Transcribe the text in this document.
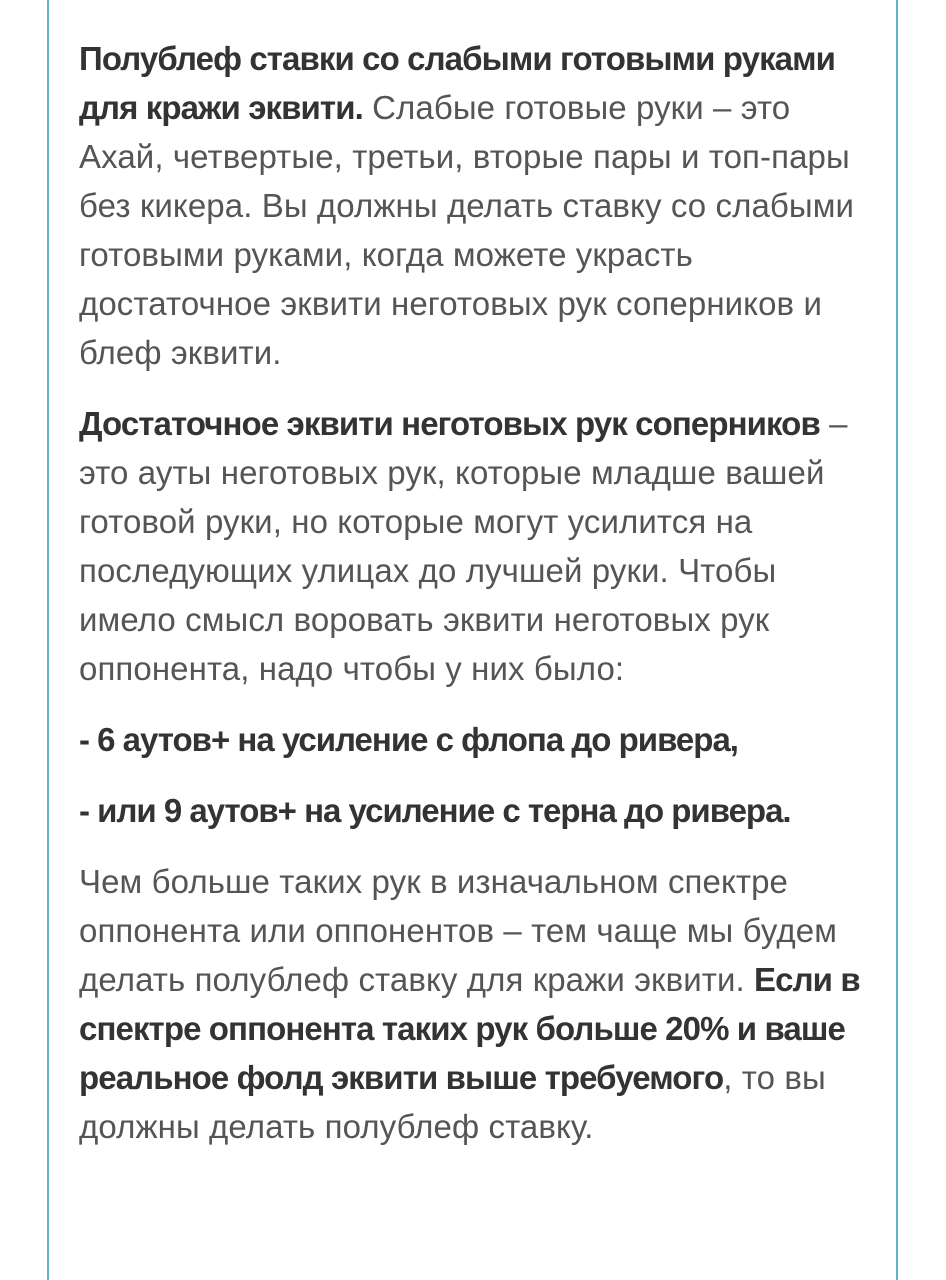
Полублеф ставки со слабыми готовыми руками для кражи эквити. Слабые готовые руки – это Ахай, четвертые, третьи, вторые пары и топ-пары без кикера. Вы должны делать ставку со слабыми готовыми руками, когда можете украсть достаточное эквити неготовых рук соперников и блеф эквити.

Достаточное эквити неготовых рук соперников – это ауты неготовых рук, которые младше вашей готовой руки, но которые могут усилится на последующих улицах до лучшей руки. Чтобы имело смысл воровать эквити неготовых рук оппонента, надо чтобы у них было:

- 6 аутов+ на усиление с флопа до ривера,

- или 9 аутов+ на усиление с терна до ривера.

Чем больше таких рук в изначальном спектре оппонента или оппонентов – тем чаще мы будем делать полублеф ставку для кражи эквити. Если в спектре оппонента таких рук больше 20% и ваше реальное фолд эквити выше требуемого, то вы должны делать полублеф ставку.
